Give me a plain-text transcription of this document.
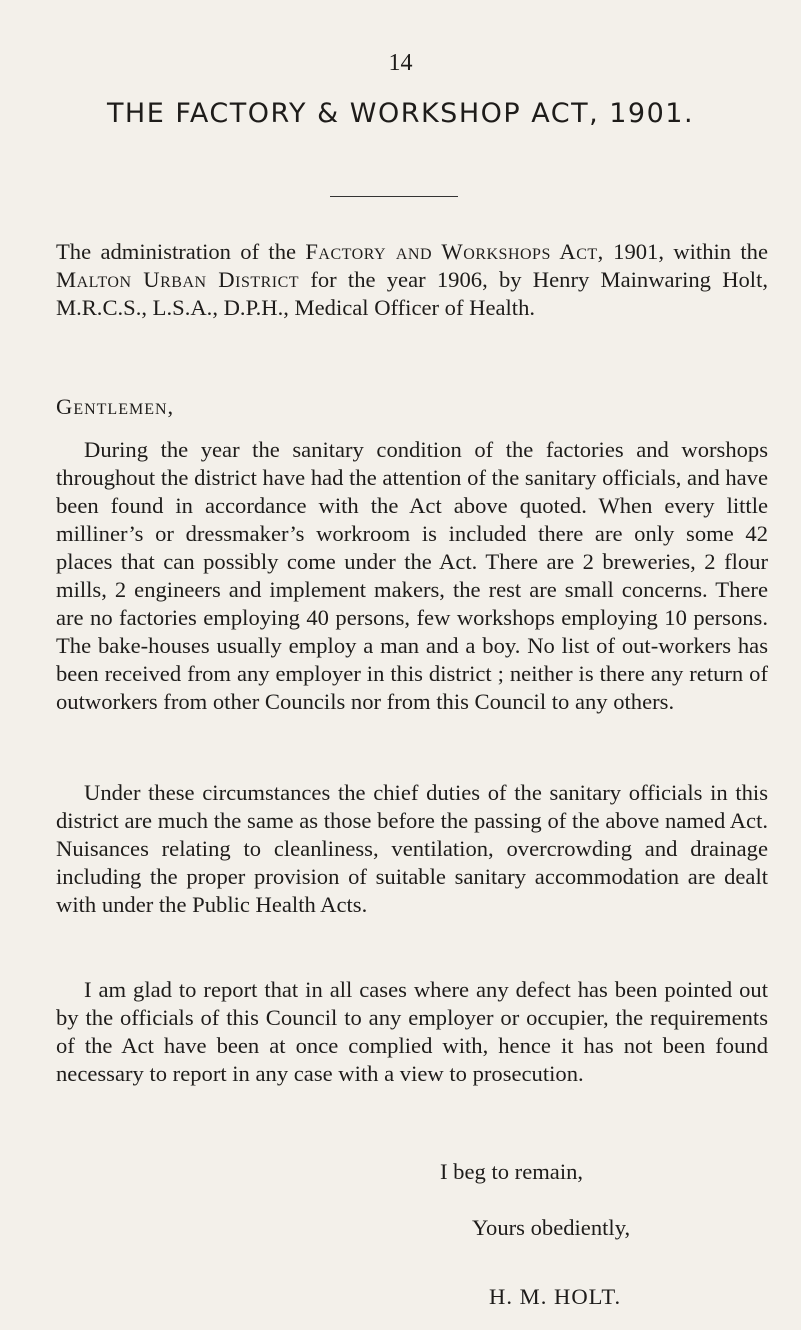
14
THE FACTORY & WORKSHOP ACT, 1901.

The administration of the Factory and Workshops Act, 1901, within the Malton Urban District for the year 1906, by Henry Mainwaring Holt, M.R.C.S., L.S.A., D.P.H., Medical Officer of Health.

Gentlemen,

During the year the sanitary condition of the factories and worshops throughout the district have had the attention of the sanitary officials, and have been found in accordance with the Act above quoted. When every little milliner’s or dressmaker’s workroom is included there are only some 42 places that can possibly come under the Act. There are 2 breweries, 2 flour mills, 2 engineers and implement makers, the rest are small concerns. There are no factories employing 40 persons, few workshops employing 10 persons. The bake-houses usually employ a man and a boy. No list of out-workers has been received from any employer in this district ; neither is there any return of outworkers from other Councils nor from this Council to any others.

Under these circumstances the chief duties of the sanitary officials in this district are much the same as those before the passing of the above named Act. Nuisances relating to cleanliness, ventilation, overcrowding and drainage including the proper provision of suitable sanitary accommodation are dealt with under the Public Health Acts.

I am glad to report that in all cases where any defect has been pointed out by the officials of this Council to any employer or occupier, the requirements of the Act have been at once complied with, hence it has not been found necessary to report in any case with a view to prosecution.

I beg to remain,
Yours obediently,
H. M. HOLT.
